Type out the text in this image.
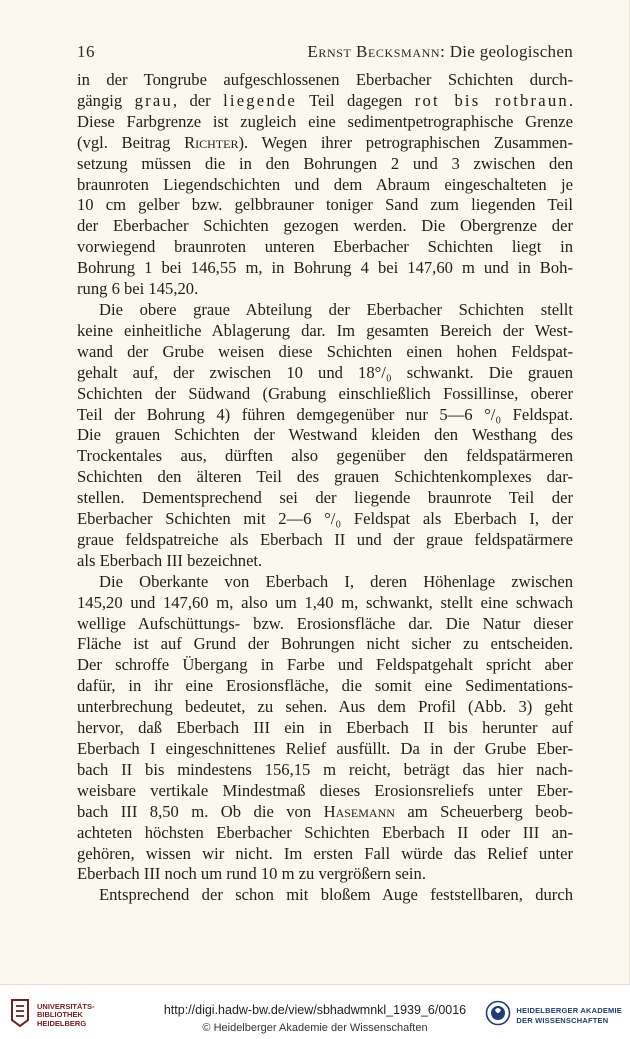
16	Ernst Becksmann: Die geologischen
in der Tongrube aufgeschlossenen Eberbacher Schichten durch-
gängig grau, der liegende Teil dagegen rot bis rotbraun.
Diese Farbgrenze ist zugleich eine sedimentpetrographische Grenze
(vgl. Beitrag Richter). Wegen ihrer petrographischen Zusammen-
setzung müssen die in den Bohrungen 2 und 3 zwischen den
braunroten Liegendschichten und dem Abraum eingeschalteten je
10 cm gelber bzw. gelbbrauner toniger Sand zum liegenden Teil
der Eberbacher Schichten gezogen werden. Die Obergrenze der
vorwiegend braunroten unteren Eberbacher Schichten liegt in
Bohrung 1 bei 146,55 m, in Bohrung 4 bei 147,60 m und in Boh-
rung 6 bei 145,20.
Die obere graue Abteilung der Eberbacher Schichten stellt
keine einheitliche Ablagerung dar. Im gesamten Bereich der West-
wand der Grube weisen diese Schichten einen hohen Feldspat-
gehalt auf, der zwischen 10 und 18°/₀ schwankt. Die grauen
Schichten der Südwand (Grabung einschließlich Fossillinse, oberer
Teil der Bohrung 4) führen demgegenüber nur 5—6 °/₀ Feldspat.
Die grauen Schichten der Westwand kleiden den Westhang des
Trockentales aus, dürften also gegenüber den feldspatärmeren
Schichten den älteren Teil des grauen Schichtenkomplexes dar-
stellen. Dementsprechend sei der liegende braunrote Teil der
Eberbacher Schichten mit 2—6 °/₀ Feldspat als Eberbach I, der
graue feldspatreiche als Eberbach II und der graue feldspatärmere
als Eberbach III bezeichnet.
Die Oberkante von Eberbach I, deren Höhenlage zwischen
145,20 und 147,60 m, also um 1,40 m, schwankt, stellt eine schwach
wellige Aufschüttungs- bzw. Erosionsfläche dar. Die Natur dieser
Fläche ist auf Grund der Bohrungen nicht sicher zu entscheiden.
Der schroffe Übergang in Farbe und Feldspatgehalt spricht aber
dafür, in ihr eine Erosionsfläche, die somit eine Sedimentations-
unterbrechung bedeutet, zu sehen. Aus dem Profil (Abb. 3) geht
hervor, daß Eberbach III ein in Eberbach II bis herunter auf
Eberbach I eingeschnittenes Relief ausfüllt. Da in der Grube Eber-
bach II bis mindestens 156,15 m reicht, beträgt das hier nach-
weisbare vertikale Mindestmaß dieses Erosionsreliefs unter Eber-
bach III 8,50 m. Ob die von Hasemann am Scheuerberg beob-
achteten höchsten Eberbacher Schichten Eberbach II oder III an-
gehören, wissen wir nicht. Im ersten Fall würde das Relief unter
Eberbach III noch um rund 10 m zu vergrößern sein.
Entsprechend der schon mit bloßem Auge feststellbaren, durch
UNIVERSITÄTS-
BIBLIOTHEK
HEIDELBERG
http://digi.hadw-bw.de/view/sbhadwmnkl_1939_6/0016
© Heidelberger Akademie der Wissenschaften
HEIDELBERGER AKADEMIE
DER WISSENSCHAFTEN
